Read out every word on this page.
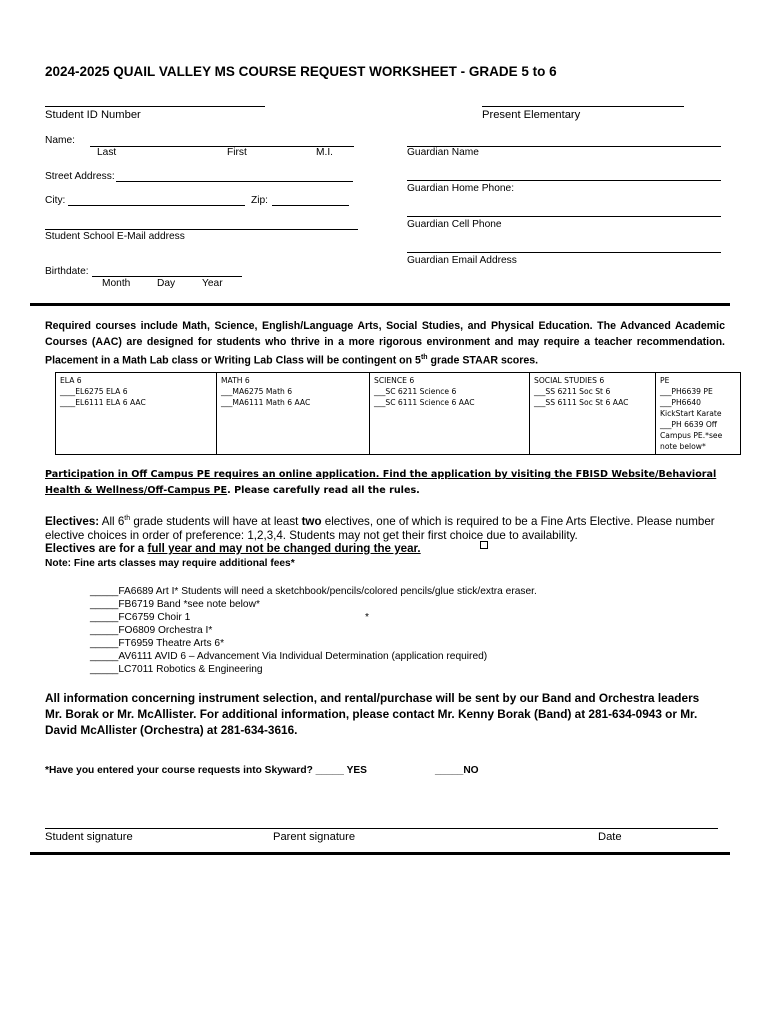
2024-2025 QUAIL VALLEY MS COURSE REQUEST WORKSHEET - GRADE 5 to 6
Student ID Number	Present Elementary
Name:
Last	First	M.I.	Guardian Name
Street Address:
Guardian Home Phone:
City:	Zip:
Guardian Cell Phone
Student School E-Mail address
Guardian Email Address
Birthdate:
Month	Day	Year
Required courses include Math, Science, English/Language Arts, Social Studies, and Physical Education. The Advanced Academic Courses (AAC) are designed for students who thrive in a more rigorous environment and may require a teacher recommendation. Placement in a Math Lab class or Writing Lab Class will be contingent on 5th grade STAAR scores.
ELA 6
____EL6275 ELA 6
____EL6111 ELA 6 AAC

MATH 6
___MA6275 Math 6
___MA6111 Math 6 AAC

SCIENCE 6
___SC 6211 Science 6
___SC 6111 Science 6 AAC

SOCIAL STUDIES 6
___SS 6211 Soc St 6
___SS 6111 Soc St 6 AAC

PE
___PH6639 PE
___PH6640 KickStart Karate
___PH 6639 Off Campus PE.*see note below*
Participation in Off Campus PE requires an online application. Find the application by visiting the FBISD Website/Behavioral Health & Wellness/Off-Campus PE. Please carefully read all the rules.
Electives: All 6th grade students will have at least two electives, one of which is required to be a Fine Arts Elective. Please number elective choices in order of preference: 1,2,3,4. Students may not get their first choice due to availability.
Electives are for a full year and may not be changed during the year.
Note: Fine arts classes may require additional fees*
_____FA6689 Art I* Students will need a sketchbook/pencils/colored pencils/glue stick/extra eraser.
_____FB6719 Band *see note below*
_____FC6759 Choir 1	*
_____FO6809 Orchestra I*
_____FT6959 Theatre Arts 6*
_____AV6111 AVID 6 – Advancement Via Individual Determination (application required)
_____LC7011 Robotics & Engineering
All information concerning instrument selection, and rental/purchase will be sent by our Band and Orchestra leaders Mr. Borak or Mr. McAllister. For additional information, please contact Mr. Kenny Borak (Band) at 281-634-0943 or Mr. David McAllister (Orchestra) at 281-634-3616.
*Have you entered your course requests into Skyward? _____ YES	_____NO
Student signature	Parent signature	Date
